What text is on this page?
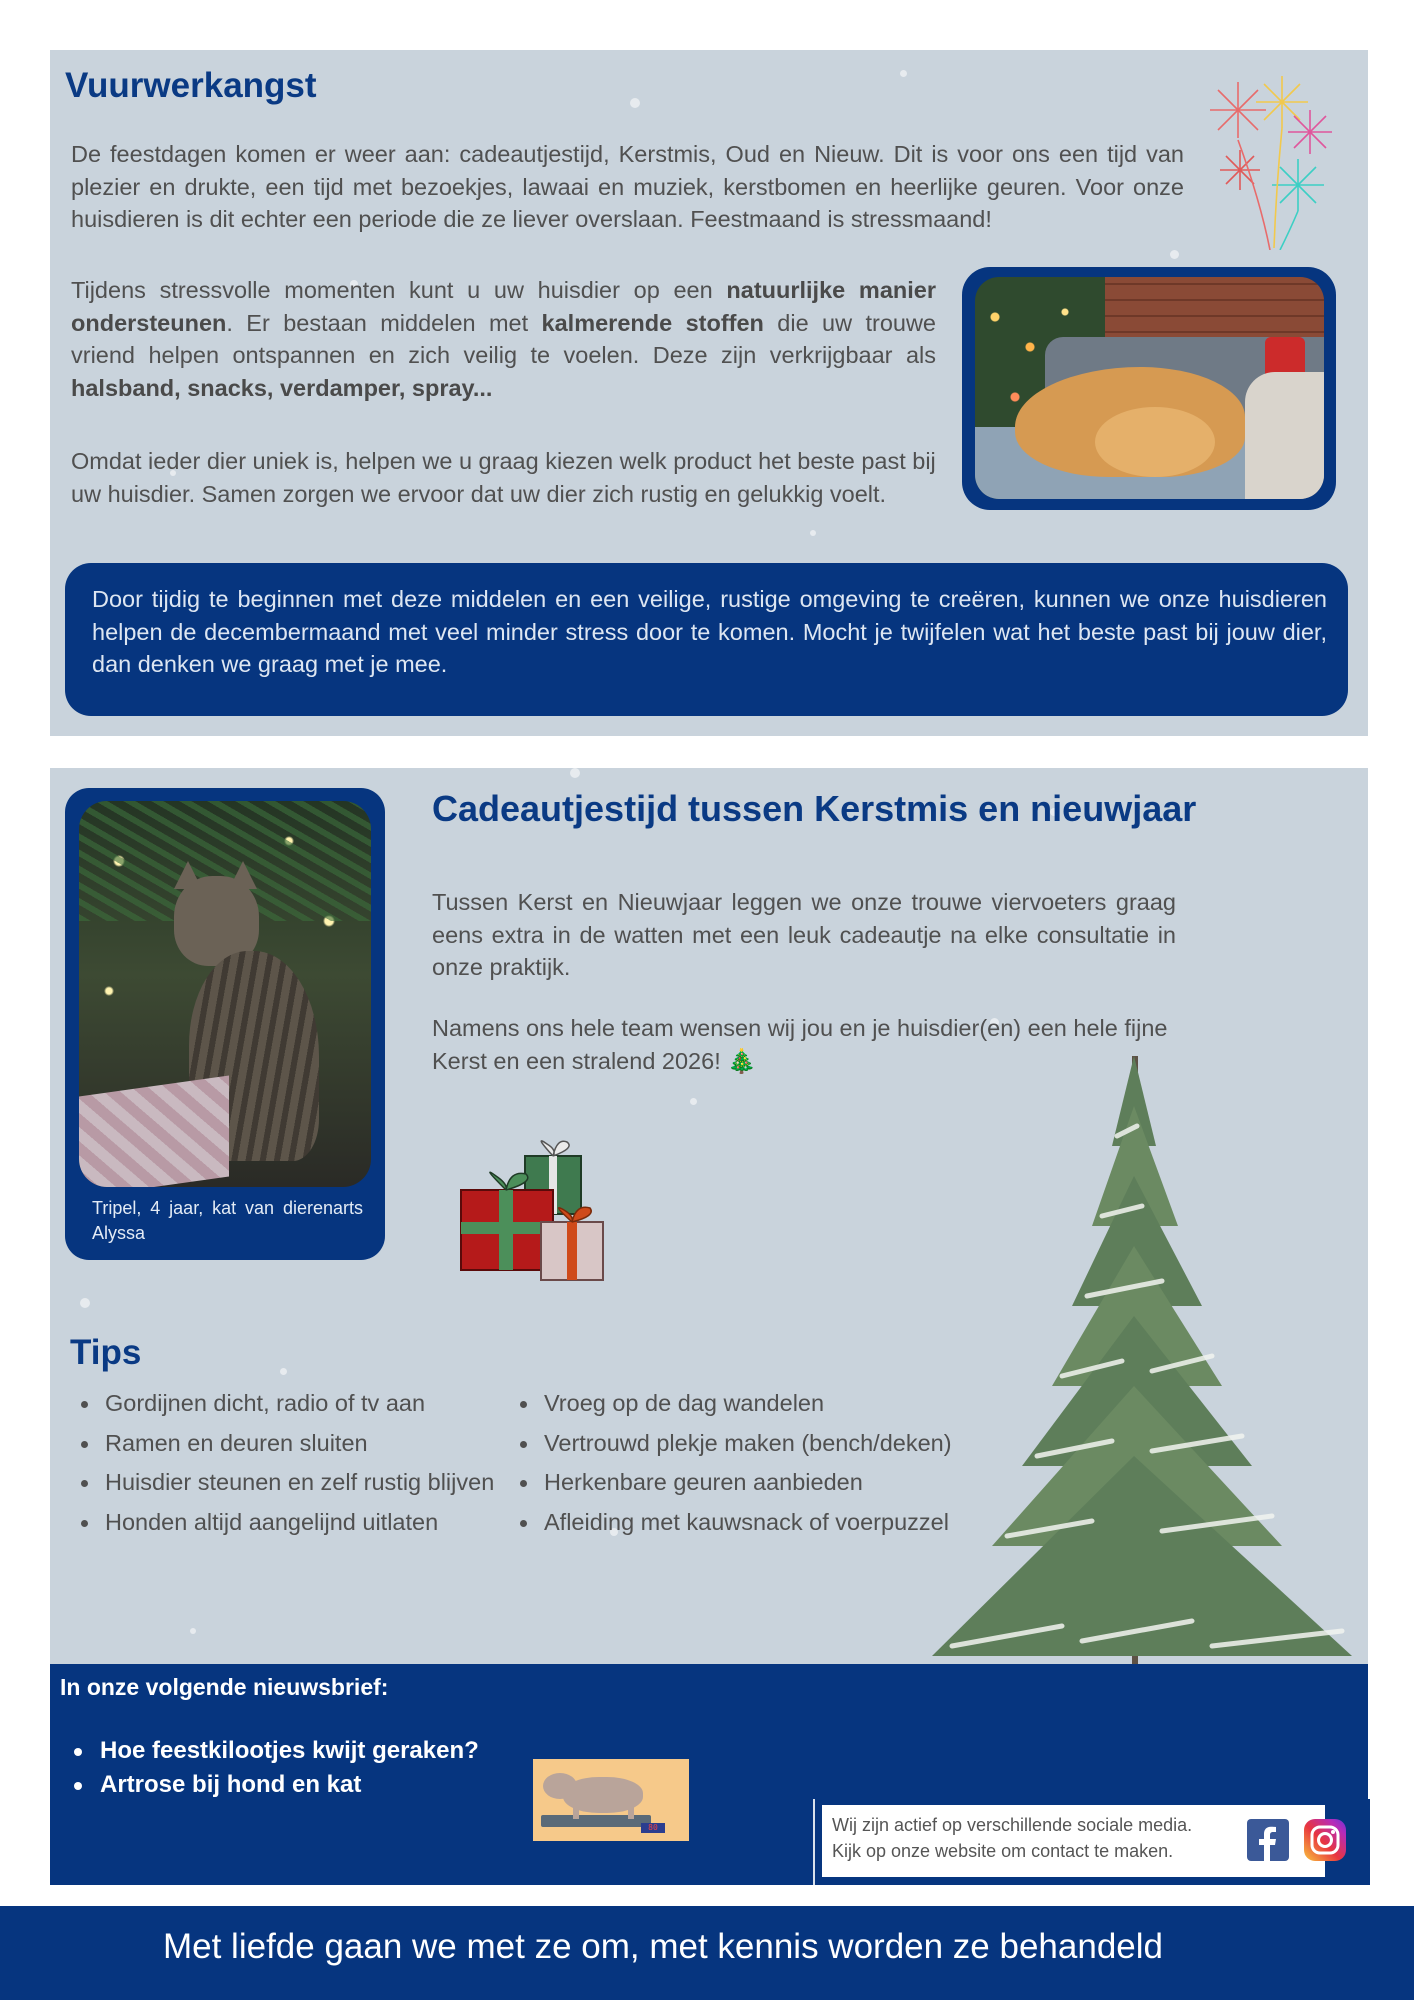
Vuurwerkangst

De feestdagen komen er weer aan: cadeautjestijd, Kerstmis, Oud en Nieuw. Dit is voor ons een tijd van plezier en drukte, een tijd met bezoekjes, lawaai en muziek, kerstbomen en heerlijke geuren. Voor onze huisdieren is dit echter een periode die ze liever overslaan. Feestmaand is stressmaand!

Tijdens stressvolle momenten kunt u uw huisdier op een natuurlijke manier ondersteunen. Er bestaan middelen met kalmerende stoffen die uw trouwe vriend helpen ontspannen en zich veilig te voelen. Deze zijn verkrijgbaar als halsband, snacks, verdamper, spray...

Omdat ieder dier uniek is, helpen we u graag kiezen welk product het beste past bij uw huisdier. Samen zorgen we ervoor dat uw dier zich rustig en gelukkig voelt.

Door tijdig te beginnen met deze middelen en een veilige, rustige omgeving te creëren, kunnen we onze huisdieren helpen de decembermaand met veel minder stress door te komen. Mocht je twijfelen wat het beste past bij jouw dier, dan denken we graag met je mee.

Tripel, 4 jaar, kat van dierenarts Alyssa

Cadeautjestijd tussen Kerstmis en nieuwjaar

Tussen Kerst en Nieuwjaar leggen we onze trouwe viervoeters graag eens extra in de watten met een leuk cadeautje na elke consultatie in onze praktijk.

Namens ons hele team wensen wij jou en je huisdier(en) een hele fijne Kerst en een stralend 2026! 🎄

Tips
Gordijnen dicht, radio of tv aan
Ramen en deuren sluiten
Huisdier steunen en zelf rustig blijven
Honden altijd aangelijnd uitlaten
Vroeg op de dag wandelen
Vertrouwd plekje maken (bench/deken)
Herkenbare geuren aanbieden
Afleiding met kauwsnack of voerpuzzel
In onze volgende nieuwsbrief:
Hoe feestkilootjes kwijt geraken?
Artrose bij hond en kat
80	Wij zijn actief op verschillende sociale media.
Kijk op onze website om contact te maken.
Met liefde gaan we met ze om, met kennis worden ze behandeld
